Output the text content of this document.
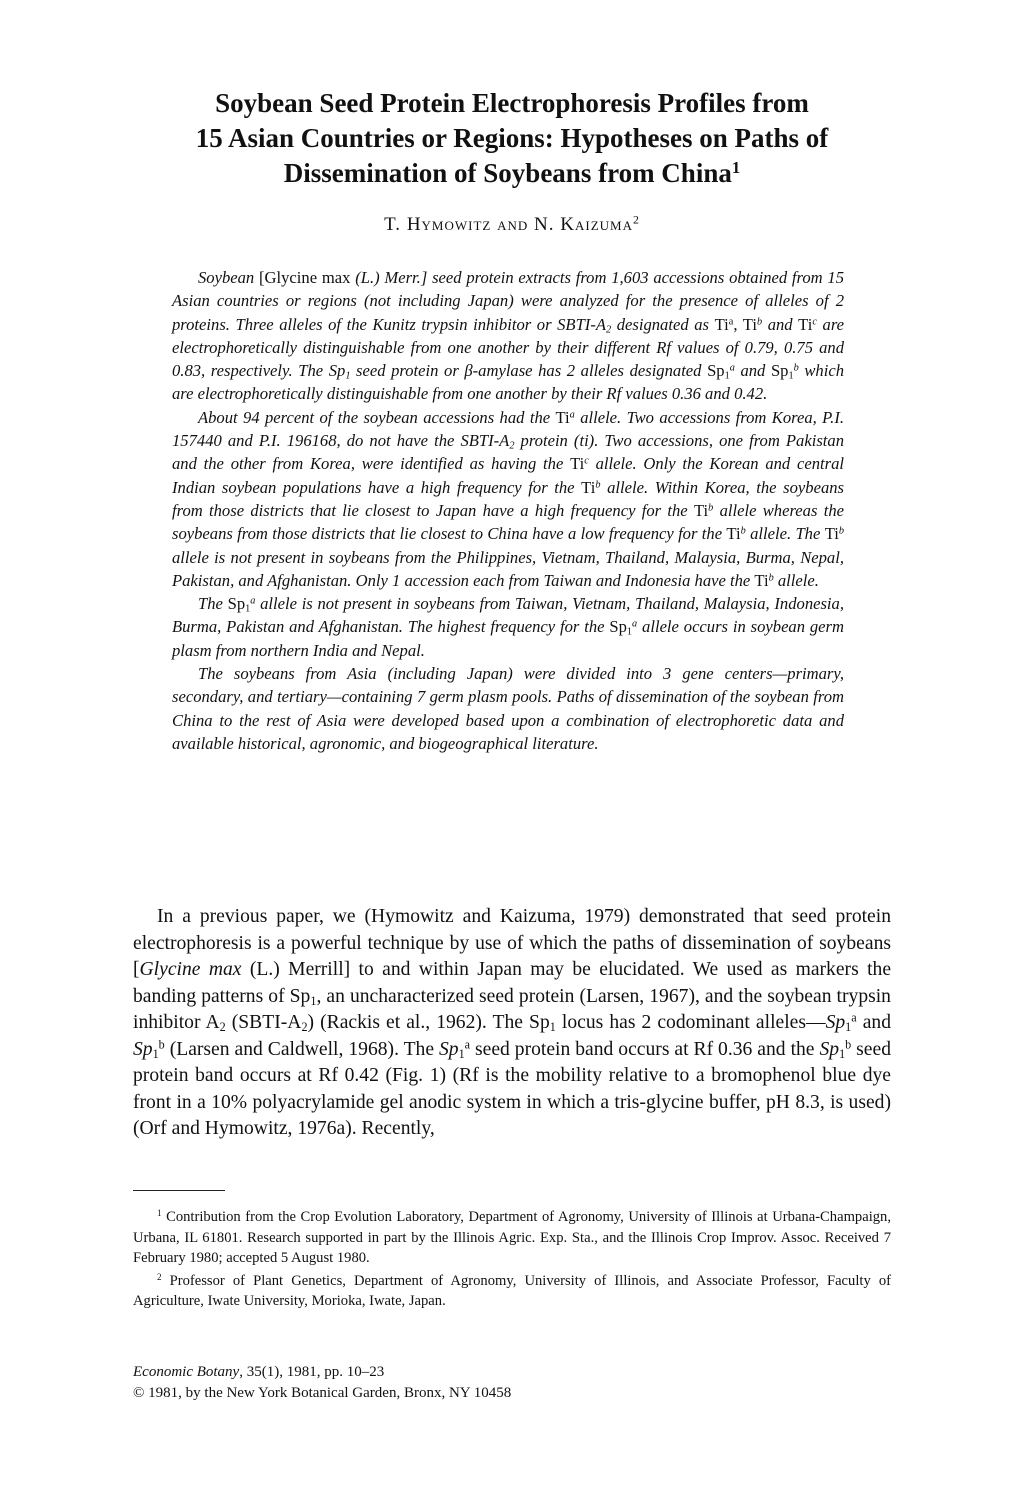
Soybean Seed Protein Electrophoresis Profiles from
15 Asian Countries or Regions: Hypotheses on Paths of
Dissemination of Soybeans from China$^1$
T. Hymowitz and N. Kaizuma$^2$

Soybean [Glycine max (L.) Merr.] seed protein extracts from 1,603 accessions obtained from 15 Asian countries or regions (not including Japan) were analyzed for the presence of alleles of 2 proteins. Three alleles of the Kunitz trypsin inhibitor or SBTI-$A_2$ designated as Ti$^a$, Ti$^b$ and Ti$^c$ are electrophoretically distinguishable from one another by their different Rf values of 0.79, 0.75 and 0.83, respectively. The $Sp_1$ seed protein or β-amylase has 2 alleles designated $Sp_1^a$ and $Sp_1^b$ which are electrophoretically distinguishable from one another by their Rf values 0.36 and 0.42.

About 94 percent of the soybean accessions had the Ti$^a$ allele. Two accessions from Korea, P.I. 157440 and P.I. 196168, do not have the SBTI-$A_2$ protein (ti). Two accessions, one from Pakistan and the other from Korea, were identified as having the Ti$^c$ allele. Only the Korean and central Indian soybean populations have a high frequency for the Ti$^b$ allele. Within Korea, the soybeans from those districts that lie closest to Japan have a high frequency for the Ti$^b$ allele whereas the soybeans from those districts that lie closest to China have a low frequency for the Ti$^b$ allele. The Ti$^b$ allele is not present in soybeans from the Philippines, Vietnam, Thailand, Malaysia, Burma, Nepal, Pakistan, and Afghanistan. Only 1 accession each from Taiwan and Indonesia have the Ti$^b$ allele.

The $Sp_1^a$ allele is not present in soybeans from Taiwan, Vietnam, Thailand, Malaysia, Indonesia, Burma, Pakistan and Afghanistan. The highest frequency for the $Sp_1^a$ allele occurs in soybean germ plasm from northern India and Nepal.

The soybeans from Asia (including Japan) were divided into 3 gene centers—primary, secondary, and tertiary—containing 7 germ plasm pools. Paths of dissemination of the soybean from China to the rest of Asia were developed based upon a combination of electrophoretic data and available historical, agronomic, and biogeographical literature.

In a previous paper, we (Hymowitz and Kaizuma, 1979) demonstrated that seed protein electrophoresis is a powerful technique by use of which the paths of dissemination of soybeans [Glycine max (L.) Merrill] to and within Japan may be elucidated. We used as markers the banding patterns of $Sp_1$, an uncharacterized seed protein (Larsen, 1967), and the soybean trypsin inhibitor $A_2$ $(SBTI-A_2)$ (Rackis et al., 1962). The $Sp_1$ locus has 2 codominant $alleles—Sp_1^a$ and $Sp_1^b$ (Larsen and Caldwell, 1968). The $Sp_1^a$ seed protein band occurs at Rf 0.36 and the $Sp_1^b$ seed protein band occurs at Rf 0.42 (Fig. 1) (Rf is the mobility relative to a bromophenol blue dye front in a 10% polyacrylamide gel anodic system in which a tris-glycine buffer, pH 8.3, is used) (Orf and Hymowitz, 1976a). Recently,

$^1$ Contribution from the Crop Evolution Laboratory, Department of Agronomy, University of Illinois at Urbana-Champaign, Urbana, IL 61801. Research supported in part by the Illinois Agric. Exp. Sta., and the Illinois Crop Improv. Assoc. Received 7 February 1980; accepted 5 August 1980.

$^2$ Professor of Plant Genetics, Department of Agronomy, University of Illinois, and Associate Professor, Faculty of Agriculture, Iwate University, Morioka, Iwate, Japan.

Economic Botany, 35(1), 1981, pp. 10–23
© 1981, by the New York Botanical Garden, Bronx, NY 10458
